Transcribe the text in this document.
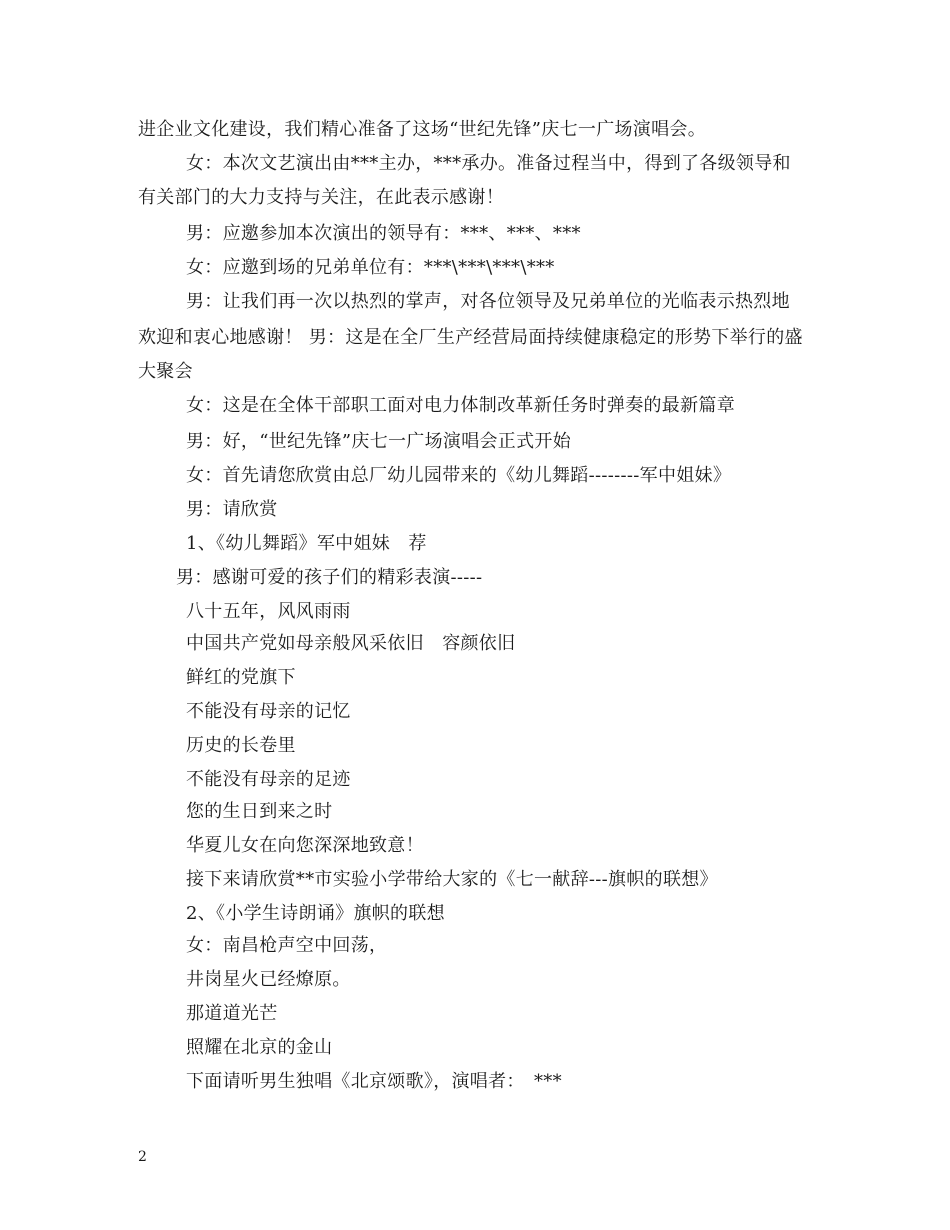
进企业文化建设，我们精心准备了这场“世纪先锋”庆七一广场演唱会。
女：本次文艺演出由***主办，***承办。准备过程当中，得到了各级领导和
有关部门的大力支持与关注，在此表示感谢！
男：应邀参加本次演出的领导有：***、***、***
女：应邀到场的兄弟单位有：***\***\***\***
男：让我们再一次以热烈的掌声，对各位领导及兄弟单位的光临表示热烈地
欢迎和衷心地感谢！ 男：这是在全厂生产经营局面持续健康稳定的形势下举行的盛
大聚会
女：这是在全体干部职工面对电力体制改革新任务时弹奏的最新篇章
男：好，“世纪先锋”庆七一广场演唱会正式开始
女：首先请您欣赏由总厂幼儿园带来的《幼儿舞蹈--------军中姐妹》
男：请欣赏
1、《幼儿舞蹈》军中姐妹　荐
男：感谢可爱的孩子们的精彩表演-----
八十五年，风风雨雨
中国共产党如母亲般风采依旧　容颜依旧
鲜红的党旗下
不能没有母亲的记忆
历史的长卷里
不能没有母亲的足迹
您的生日到来之时
华夏儿女在向您深深地致意！
接下来请欣赏**市实验小学带给大家的《七一献辞---旗帜的联想》
2、《小学生诗朗诵》旗帜的联想
女：南昌枪声空中回荡，
井岗星火已经燎原。
那道道光芒
照耀在北京的金山
下面请听男生独唱《北京颂歌》，演唱者：　***
2
